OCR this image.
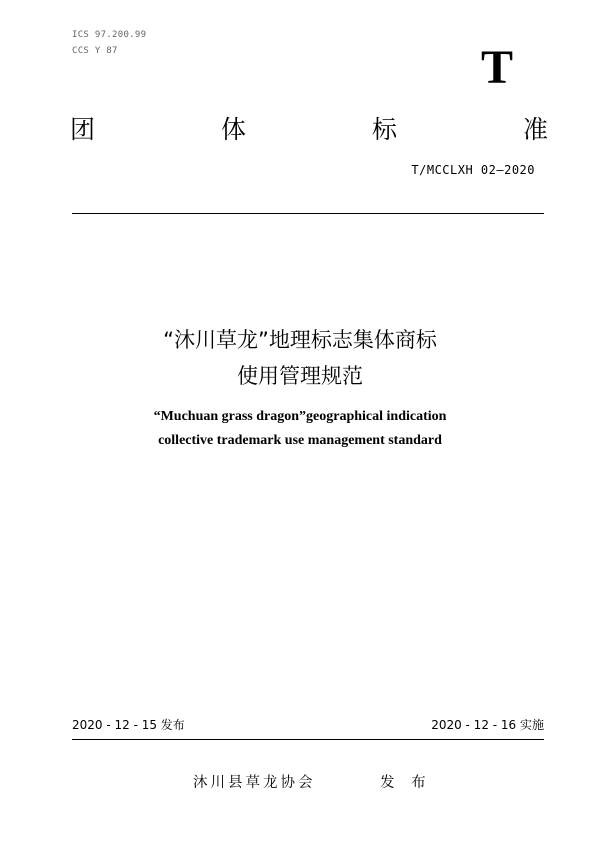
ICS 97.200.99
CCS Y 87	T
团	体	标	准
T/MCCLXH 02—2020
“沐川草龙”地理标志集体商标
使用管理规范
“Muchuan grass dragon”geographical indication
collective trademark use management standard
2020 - 12 - 15 发布	2020 - 12 - 16 实施
沐川县草龙协会	发 布
